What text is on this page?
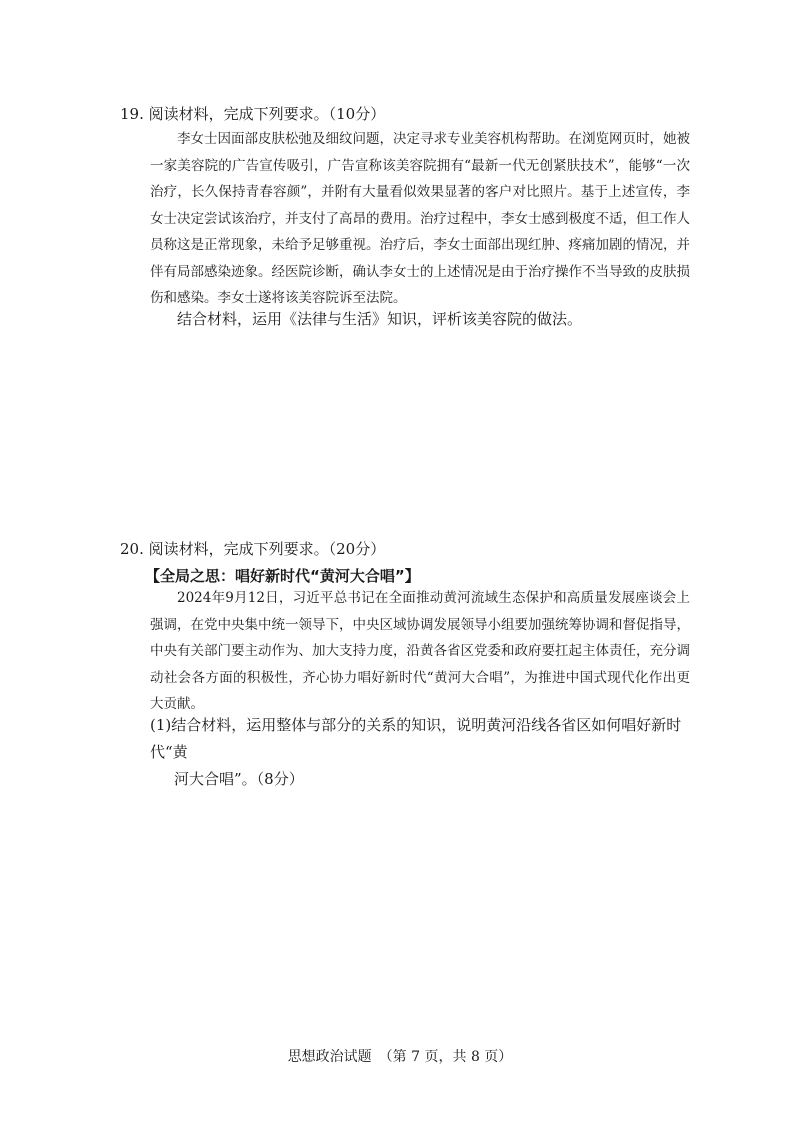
19. 阅读材料，完成下列要求。（10分）
李女士因面部皮肤松弛及细纹问题，决定寻求专业美容机构帮助。在浏览网页时，她被一家美容院的广告宣传吸引，广告宣称该美容院拥有“最新一代无创紧肤技术”，能够“一次治疗，长久保持青春容颜”，并附有大量看似效果显著的客户对比照片。基于上述宣传，李女士决定尝试该治疗，并支付了高昂的费用。治疗过程中，李女士感到极度不适，但工作人员称这是正常现象，未给予足够重视。治疗后，李女士面部出现红肿、疼痛加剧的情况，并伴有局部感染迹象。经医院诊断，确认李女士的上述情况是由于治疗操作不当导致的皮肤损伤和感染。李女士遂将该美容院诉至法院。
结合材料，运用《法律与生活》知识，评析该美容院的做法。
20. 阅读材料，完成下列要求。（20分）
【全局之思：唱好新时代“黄河大合唱”】
2024年9月12日，习近平总书记在全面推动黄河流域生态保护和高质量发展座谈会上强调，在党中央集中统一领导下，中央区域协调发展领导小组要加强统筹协调和督促指导，中央有关部门要主动作为、加大支持力度，沿黄各省区党委和政府要扛起主体责任，充分调动社会各方面的积极性，齐心协力唱好新时代“黄河大合唱”，为推进中国式现代化作出更大贡献。
(1)结合材料，运用整体与部分的关系的知识，说明黄河沿线各省区如何唱好新时代“黄
河大合唱”。（8分）
思想政治试题　（第 7 页，共 8 页）
